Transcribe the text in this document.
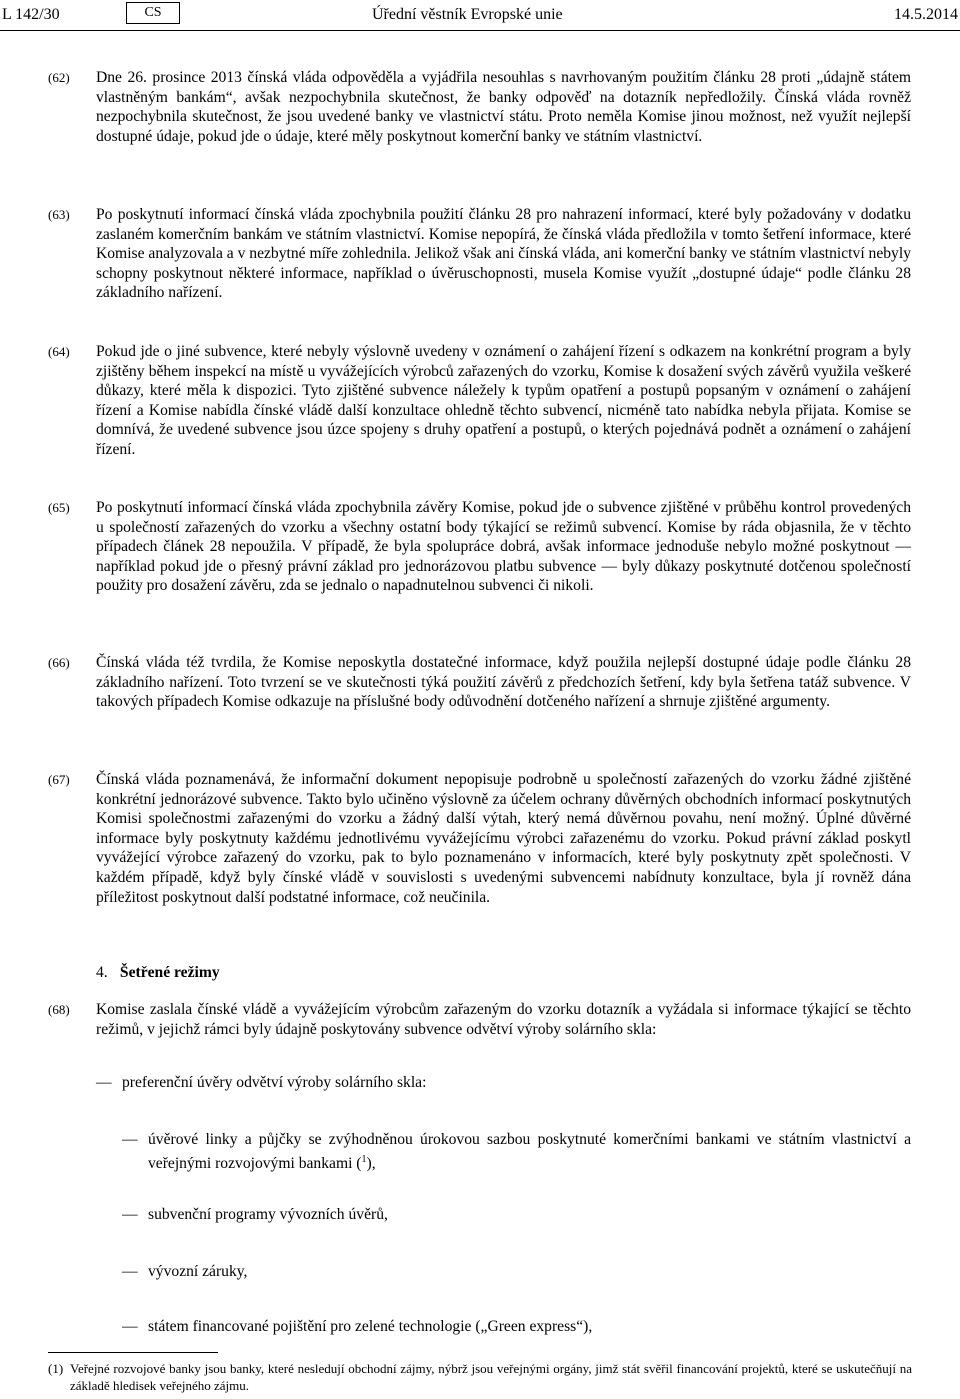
L 142/30	CS	Úřední věstník Evropské unie	14.5.2014
(62) Dne 26. prosince 2013 čínská vláda odpověděla a vyjádřila nesouhlas s navrhovaným použitím článku 28 proti „údajně státem vlastněným bankám“, avšak nezpochybnila skutečnost, že banky odpověď na dotazník nepředložily. Čínská vláda rovněž nezpochybnila skutečnost, že jsou uvedené banky ve vlastnictví státu. Proto neměla Komise jinou možnost, než využít nejlepší dostupné údaje, pokud jde o údaje, které měly poskytnout komerční banky ve státním vlastnictví.
(63) Po poskytnutí informací čínská vláda zpochybnila použití článku 28 pro nahrazení informací, které byly požadovány v dodatku zaslaném komerčním bankám ve státním vlastnictví. Komise nepopírá, že čínská vláda předložila v tomto šetření informace, které Komise analyzovala a v nezbytné míře zohlednila. Jelikož však ani čínská vláda, ani komerční banky ve státním vlastnictví nebyly schopny poskytnout některé informace, například o úvěruschopnosti, musela Komise využít „dostupné údaje“ podle článku 28 základního nařízení.
(64) Pokud jde o jiné subvence, které nebyly výslovně uvedeny v oznámení o zahájení řízení s odkazem na konkrétní program a byly zjištěny během inspekcí na místě u vyvážejících výrobců zařazených do vzorku, Komise k dosažení svých závěrů využila veškeré důkazy, které měla k dispozici. Tyto zjištěné subvence náležely k typům opatření a postupů popsaným v oznámení o zahájení řízení a Komise nabídla čínské vládě další konzultace ohledně těchto subvencí, nicméně tato nabídka nebyla přijata. Komise se domnívá, že uvedené subvence jsou úzce spojeny s druhy opatření a postupů, o kterých pojednává podnět a oznámení o zahájení řízení.
(65) Po poskytnutí informací čínská vláda zpochybnila závěry Komise, pokud jde o subvence zjištěné v průběhu kontrol provedených u společností zařazených do vzorku a všechny ostatní body týkající se režimů subvencí. Komise by ráda objasnila, že v těchto případech článek 28 nepoužila. V případě, že byla spolupráce dobrá, avšak informace jednoduše nebylo možné poskytnout — například pokud jde o přesný právní základ pro jednorázovou platbu subvence — byly důkazy poskytnuté dotčenou společností použity pro dosažení závěru, zda se jednalo o napadnutelnou subvenci či nikoli.
(66) Čínská vláda též tvrdila, že Komise neposkytla dostatečné informace, když použila nejlepší dostupné údaje podle článku 28 základního nařízení. Toto tvrzení se ve skutečnosti týká použití závěrů z předchozích šetření, kdy byla šetřena tatáž subvence. V takových případech Komise odkazuje na příslušné body odůvodnění dotčeného nařízení a shrnuje zjištěné argumenty.
(67) Čínská vláda poznamenává, že informační dokument nepopisuje podrobně u společností zařazených do vzorku žádné zjištěné konkrétní jednorázové subvence. Takto bylo učiněno výslovně za účelem ochrany důvěrných obchodních informací poskytnutých Komisi společnostmi zařazenými do vzorku a žádný další výtah, který nemá důvěrnou povahu, není možný. Úplné důvěrné informace byly poskytnuty každému jednotlivému vyvážejícímu výrobci zařazenému do vzorku. Pokud právní základ poskytl vyvážející výrobce zařazený do vzorku, pak to bylo poznamenáno v informacích, které byly poskytnuty zpět společnosti. V každém případě, když byly čínské vládě v souvislosti s uvedenými subvencemi nabídnuty konzultace, byla jí rovněž dána příležitost poskytnout další podstatné informace, což neučinila.
4. Šetřené režimy
(68) Komise zaslala čínské vládě a vyvážejícím výrobcům zařazeným do vzorku dotazník a vyžádala si informace týkající se těchto režimů, v jejichž rámci byly údajně poskytovány subvence odvětví výroby solárního skla:
— preferenční úvěry odvětví výroby solárního skla:
— úvěrové linky a půjčky se zvýhodněnou úrokovou sazbou poskytnuté komerčními bankami ve státním vlastnictví a veřejnými rozvojovými bankami ($^1$),
— subvenční programy vývozních úvěrů,
— vývozní záruky,
— státem financované pojištění pro zelené technologie („Green express“),
(1) Veřejné rozvojové banky jsou banky, které nesledují obchodní zájmy, nýbrž jsou veřejnými orgány, jimž stát svěřil financování projektů, které se uskutečňují na základě hledisek veřejného zájmu.
